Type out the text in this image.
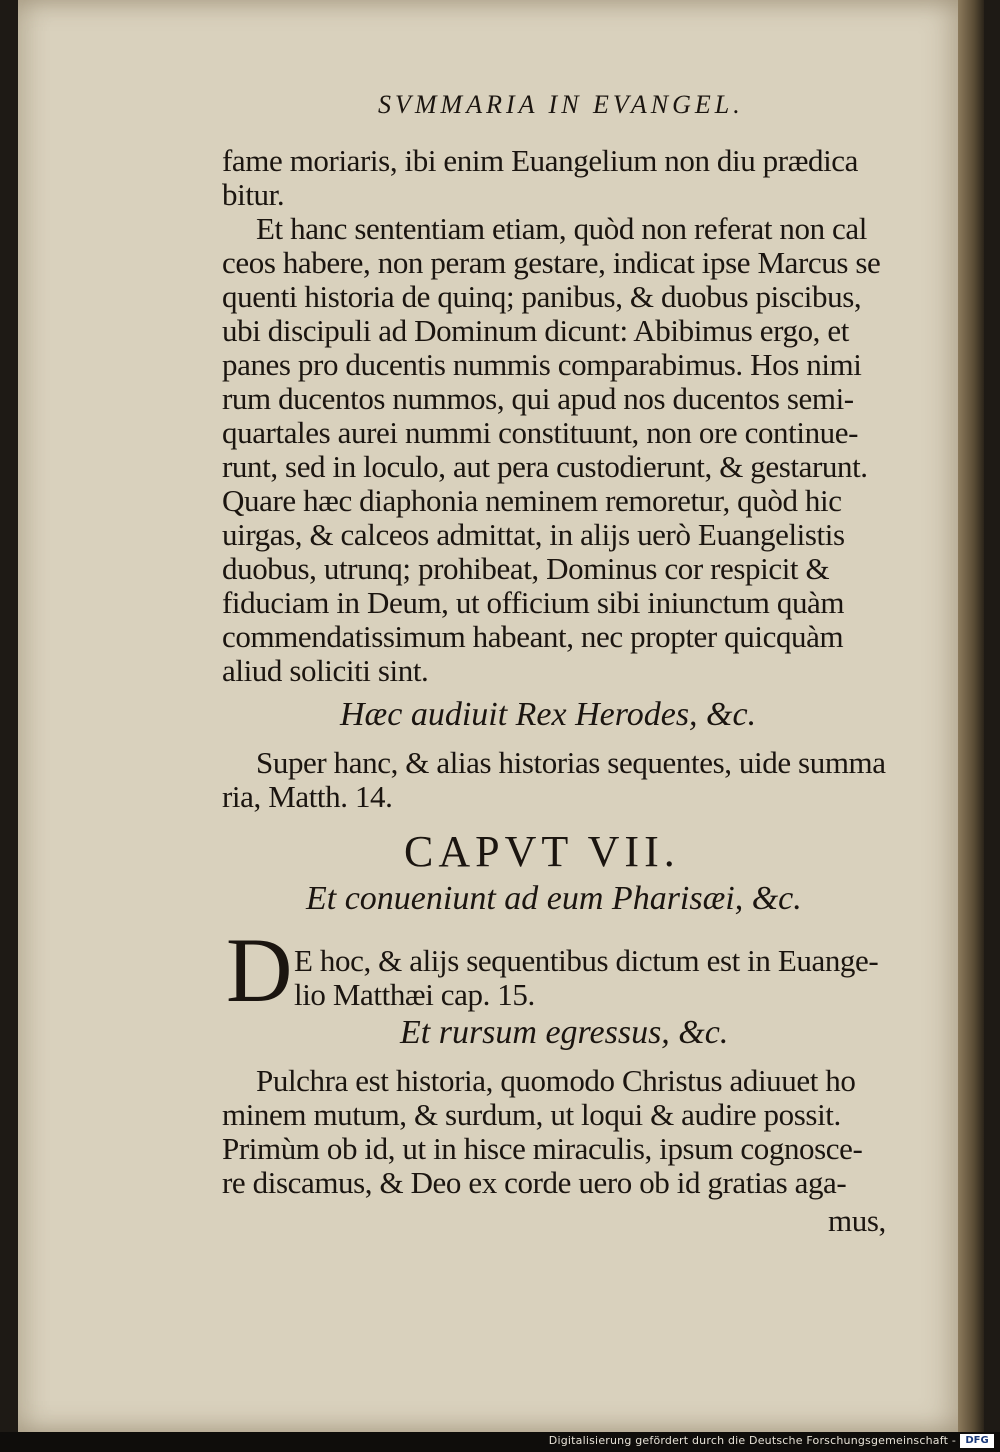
SVMMARIA IN EVANGEL.
fame moriaris, ibi enim Euangelium non diu prædica
bitur.
Et hanc sententiam etiam, quòd non referat non cal
ceos habere, non peram gestare, indicat ipse Marcus se
quenti historia de quinq; panibus, & duobus piscibus,
ubi discipuli ad Dominum dicunt: Abibimus ergo, et
panes pro ducentis nummis comparabimus. Hos nimi
rum ducentos nummos, qui apud nos ducentos semi-
quartales aurei nummi constituunt, non ore continue-
runt, sed in loculo, aut pera custodierunt, & gestarunt.
Quare hæc diaphonia neminem remoretur, quòd hic
uirgas, & calceos admittat, in aliјs uerò Euangelistis
duobus, utrunq; prohibeat, Dominus cor respicit &
fiduciam in Deum, ut officium sibi iniunctum quàm
commendatissimum habeant, nec propter quicquàm
aliud soliciti sint.
Super hanc, & alias historias sequentes, uide summa
ria, Matth. 14.
E hoc, & aliјs sequentibus dictum est in Euange-
lio Matthæi cap. 15.
Pulchra est historia, quomodo Christus adiuuet ho
minem mutum, & surdum, ut loqui & audire possit.
Primùm ob id, ut in hisce miraculis, ipsum cognosce-
re discamus, & Deo ex corde uero ob id gratias aga-
mus,
Hæc audiuit Rex Herodes, &c.
CAPVT VII.
Et conueniunt ad eum Pharisæi, &c.
D
Et rursum egressus, &c.
Digitalisierung gefördert durch die Deutsche Forschungsgemeinschaft - DFG
